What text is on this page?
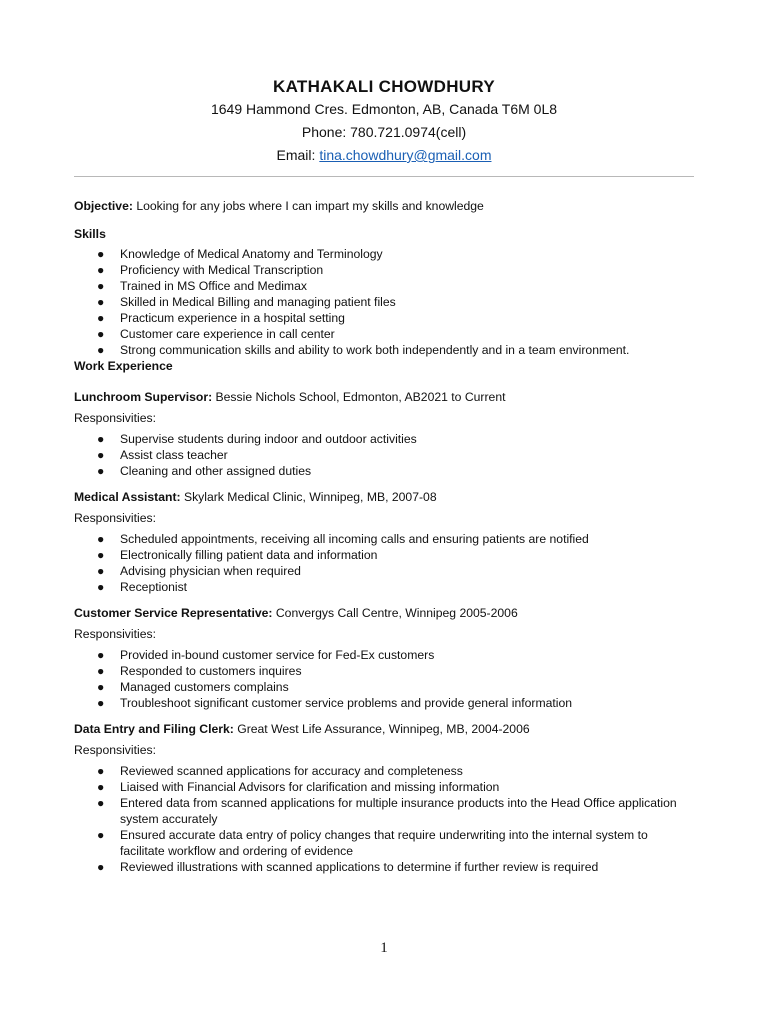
KATHAKALI CHOWDHURY
1649 Hammond Cres. Edmonton, AB, Canada T6M 0L8
Phone: 780.721.0974(cell)
Email: tina.chowdhury@gmail.com
Objective: Looking for any jobs where I can impart my skills and knowledge
Skills
● Knowledge of Medical Anatomy and Terminology
● Proficiency with Medical Transcription
● Trained in MS Office and Medimax
● Skilled in Medical Billing and managing patient files
● Practicum experience in a hospital setting
● Customer care experience in call center
● Strong communication skills and ability to work both independently and in a team environment.
Work Experience
Lunchroom Supervisor: Bessie Nichols School, Edmonton, AB2021 to Current
Responsivities:
● Supervise students during indoor and outdoor activities
● Assist class teacher
● Cleaning and other assigned duties
Medical Assistant: Skylark Medical Clinic, Winnipeg, MB, 2007-08
Responsivities:
● Scheduled appointments, receiving all incoming calls and ensuring patients are notified
● Electronically filling patient data and information
● Advising physician when required
● Receptionist
Customer Service Representative: Convergys Call Centre, Winnipeg 2005-2006
Responsivities:
● Provided in-bound customer service for Fed-Ex customers
● Responded to customers inquires
● Managed customers complains
● Troubleshoot significant customer service problems and provide general information
Data Entry and Filing Clerk: Great West Life Assurance, Winnipeg, MB, 2004-2006
Responsivities:
● Reviewed scanned applications for accuracy and completeness
● Liaised with Financial Advisors for clarification and missing information
● Entered data from scanned applications for multiple insurance products into the Head Office application system accurately
● Ensured accurate data entry of policy changes that require underwriting into the internal system to facilitate workflow and ordering of evidence
● Reviewed illustrations with scanned applications to determine if further review is required
1
